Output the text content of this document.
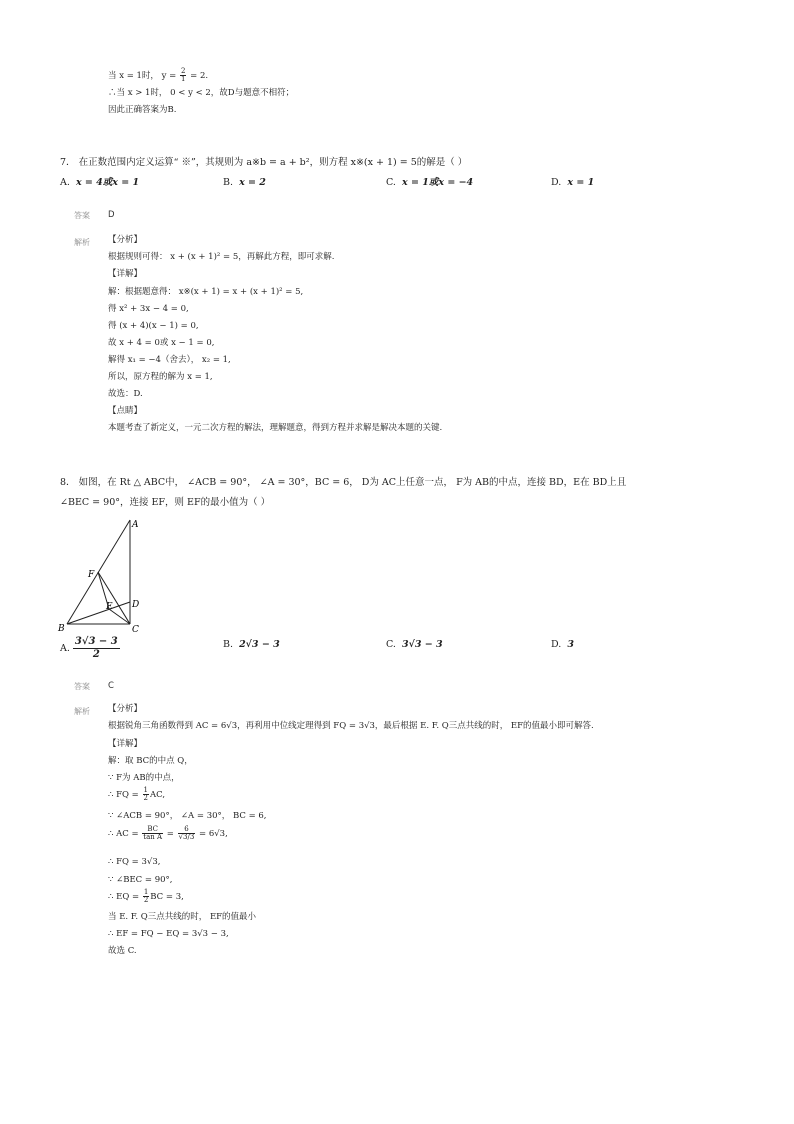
当 x = 1时， $y = \frac{2}{1} = 2$.
∴当 x > 1时， 0 < y < 2，故D与题意不相符；
因此正确答案为B.
7． 在正数范围内定义运算“ ※”，其规则为 a※b = a + b²，则方程 x※(x + 1) = 5的解是（ ）
A. x = 4或x = 1	B. x = 2	C. x = 1或x = −4	D. x = 1
答案 D
解析 【分析】
根据规则可得： x + (x + 1)² = 5，再解此方程，即可求解.
【详解】
解：根据题意得： x※(x + 1) = x + (x + 1)² = 5,
得 x² + 3x − 4 = 0,
得 (x + 4)(x − 1) = 0,
故 x + 4 = 0或 x − 1 = 0,
解得 x₁ = −4（舍去）， x₂ = 1,
所以，原方程的解为 x = 1,
故选：D.
【点睛】
本题考查了新定义，一元二次方程的解法，理解题意，得到方程并求解是解决本题的关键.
8． 如图，在 Rt △ ABC中， ∠ACB = 90°， ∠A = 30°，BC = 6， D为 AC上任意一点， F为 AB的中点，连接 BD，E在 BD上且
∠BEC = 90°，连接 EF，则 EF的最小值为（ ）
A
B	C
D
E
F
A. $\frac{3√3 - 3}{2}$	B. 2√3 − 3	C. 3√3 − 3	D. 3
答案 C
解析 【分析】
根据锐角三角函数得到 AC = 6√3，再利用中位线定理得到 FQ = 3√3，最后根据 E. F. Q三点共线的时， EF的值最小即可解答.
【详解】
解：取 BC的中点 Q，
∵ F为 AB的中点，
∴ FQ = $\frac{1}{2}$ AC,
∵ ∠ACB = 90°， ∠A = 30°， BC = 6,
∴ AC = $\frac{BC}{\text{tan A}} = \frac{6}{√3/3} = 6√3$,
∴ FQ = 3√3,
∵ ∠BEC = 90°,
∴ EQ = $\frac{1}{2}$ BC = 3,
当 E. F. Q三点共线的时， EF的值最小
∴ EF = FQ − EQ = 3√3 − 3,
故选 C.
